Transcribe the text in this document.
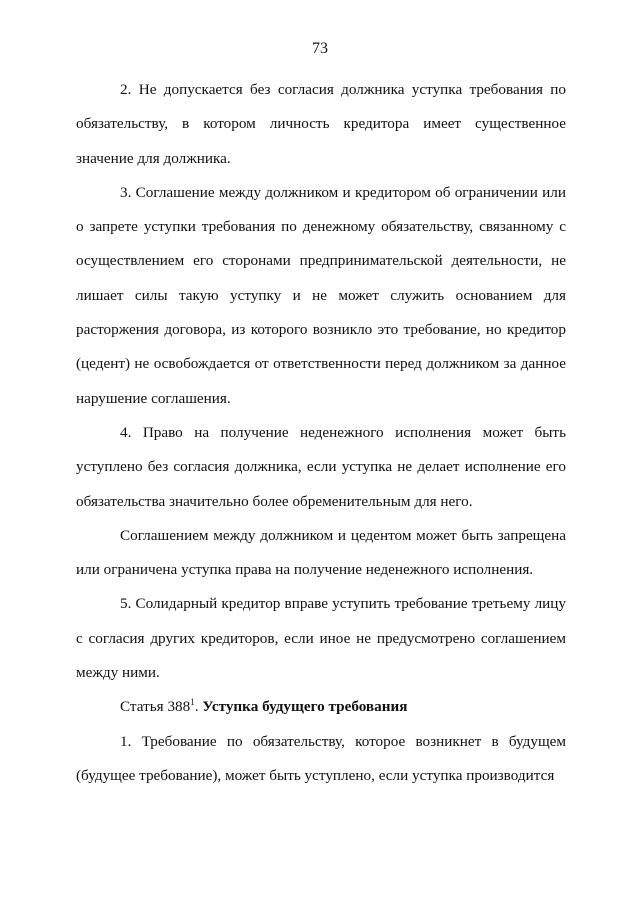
73

2. Не допускается без согласия должника уступка требования по обязательству, в котором личность кредитора имеет существенное значение для должника.

3. Соглашение между должником и кредитором об ограничении или о запрете уступки требования по денежному обязательству, связанному с осуществлением его сторонами предпринимательской деятельности, не лишает силы такую уступку и не может служить основанием для расторжения договора, из которого возникло это требование, но кредитор (цедент) не освобождается от ответственности перед должником за данное нарушение соглашения.

4. Право на получение неденежного исполнения может быть уступлено без согласия должника, если уступка не делает исполнение его обязательства значительно более обременительным для него.

Соглашением между должником и цедентом может быть запрещена или ограничена уступка права на получение неденежного исполнения.

5. Солидарный кредитор вправе уступить требование третьему лицу с согласия других кредиторов, если иное не предусмотрено соглашением между ними.

Статья $388^1$. Уступка будущего требования

1. Требование по обязательству, которое возникнет в будущем (будущее требование), может быть уступлено, если уступка производится
